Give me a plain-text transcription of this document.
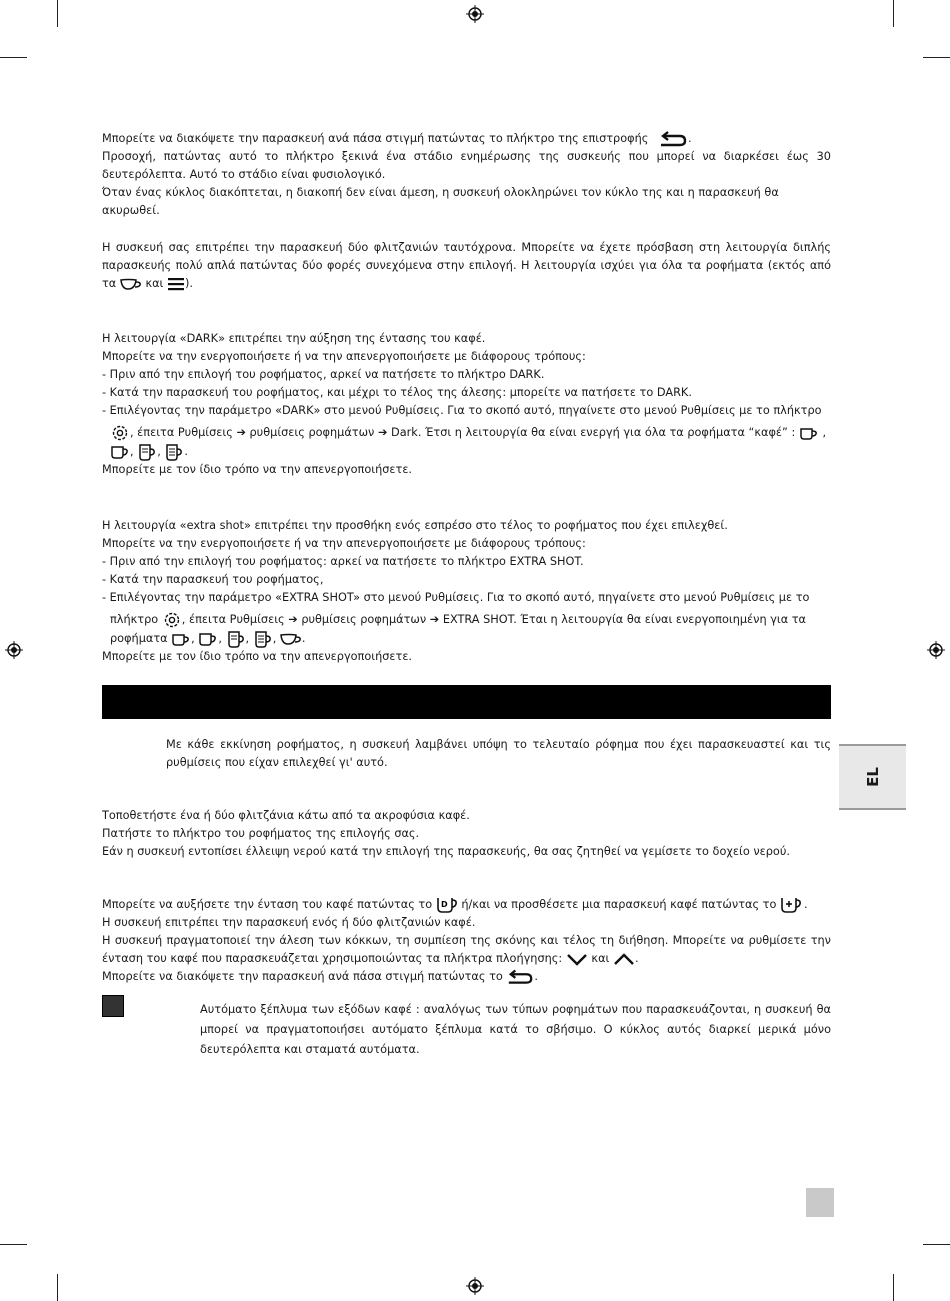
Μπορείτε να διακόψετε την παρασκευή ανά πάσα στιγμή πατώντας το πλήκτρο της επιστροφής	.

Προσοχή, πατώντας αυτό το πλήκτρο ξεκινά ένα στάδιο ενημέρωσης της συσκευής που μπορεί να διαρκέσει έως 30 δευτερόλεπτα. Αυτό το στάδιο είναι φυσιολογικό.

Όταν ένας κύκλος διακόπτεται, η διακοπή δεν είναι άμεση, η συσκευή ολοκληρώνει τον κύκλο της και η παρασκευή θα ακυρωθεί.

Η συσκευή σας επιτρέπει την παρασκευή δύο φλιτζανιών ταυτόχρονα. Μπορείτε να έχετε πρόσβαση στη λειτουργία διπλής παρασκευής πολύ απλά πατώντας δύο φορές συνεχόμενα στην επιλογή. Η λειτουργία ισχύει για όλα τα ροφήματα (εκτός από τα	και ).

Η λειτουργία «DARK» επιτρέπει την αύξηση της έντασης του καφέ.

Μπορείτε να την ενεργοποιήσετε ή να την απενεργοποιήσετε με διάφορους τρόπους:

- Πριν από την επιλογή του ροφήματος, αρκεί να πατήσετε το πλήκτρο DARK.

- Κατά την παρασκευή του ροφήματος, και μέχρι το τέλος της άλεσης: μπορείτε να πατήσετε το DARK.

- Επιλέγοντας την παράμετρο «DARK» στο μενού Ρυθμίσεις. Για το σκοπό αυτό, πηγαίνετε στο μενού Ρυθμίσεις με το πλήκτρο

, έπειτα Ρυθμίσεις ➔ ρυθμίσεις ροφημάτων ➔ Dark. Έτσι η λειτουργία θα είναι ενεργή για όλα τα ροφήματα “καφέ” :  ,

, , .

Μπορείτε με τον ίδιο τρόπο να την απενεργοποιήσετε.

Η λειτουργία «extra shot» επιτρέπει την προσθήκη ενός εσπρέσο στο τέλος το ροφήματος που έχει επιλεχθεί.

Μπορείτε να την ενεργοποιήσετε ή να την απενεργοποιήσετε με διάφορους τρόπους:

- Πριν από την επιλογή του ροφήματος: αρκεί να πατήσετε το πλήκτρο EXTRA SHOT.

- Κατά την παρασκευή του ροφήματος,

- Επιλέγοντας την παράμετρο «EXTRA SHOT» στο μενού Ρυθμίσεις. Για το σκοπό αυτό, πηγαίνετε στο μενού Ρυθμίσεις με το

πλήκτρο , έπειτα Ρυθμίσεις ➔ ρυθμίσεις ροφημάτων ➔ EXTRA SHOT. Έται η λειτουργία θα είναι ενεργοποιημένη για τα

ροφήματα , , , , .

Μπορείτε με τον ίδιο τρόπο να την απενεργοποιήσετε.

EL

Με κάθε εκκίνηση ροφήματος, η συσκευή λαμβάνει υπόψη το τελευταίο ρόφημα που έχει παρασκευαστεί και τις ρυθμίσεις που είχαν επιλεχθεί γι' αυτό.

Τοποθετήστε ένα ή δύο φλιτζάνια κάτω από τα ακροφύσια καφέ.

Πατήστε το πλήκτρο του ροφήματος της επιλογής σας.

Εάν η συσκευή εντοπίσει έλλειψη νερού κατά την επιλογή της παρασκευής, θα σας ζητηθεί να γεμίσετε το δοχείο νερού.

Μπορείτε να αυξήσετε την ένταση του καφέ πατώντας το D ή/και να προσθέσετε μια παρασκευή καφέ πατώντας το .

Η συσκευή επιτρέπει την παρασκευή ενός ή δύο φλιτζανιών καφέ.

Η συσκευή πραγματοποιεί την άλεση των κόκκων, τη συμπίεση της σκόνης και τέλος τη διήθηση. Μπορείτε να ρυθμίσετε την ένταση του καφέ που παρασκευάζεται χρησιμοποιώντας τα πλήκτρα πλοήγησης:	και .

Μπορείτε να διακόψετε την παρασκευή ανά πάσα στιγμή πατώντας το	.

Αυτόματο ξέπλυμα των εξόδων καφέ : αναλόγως των τύπων ροφημάτων που παρασκευάζονται, η συσκευή θα μπορεί να πραγματοποιήσει αυτόματο ξέπλυμα κατά το σβήσιμο. Ο κύκλος αυτός διαρκεί μερικά μόνο δευτερόλεπτα και σταματά αυτόματα.
